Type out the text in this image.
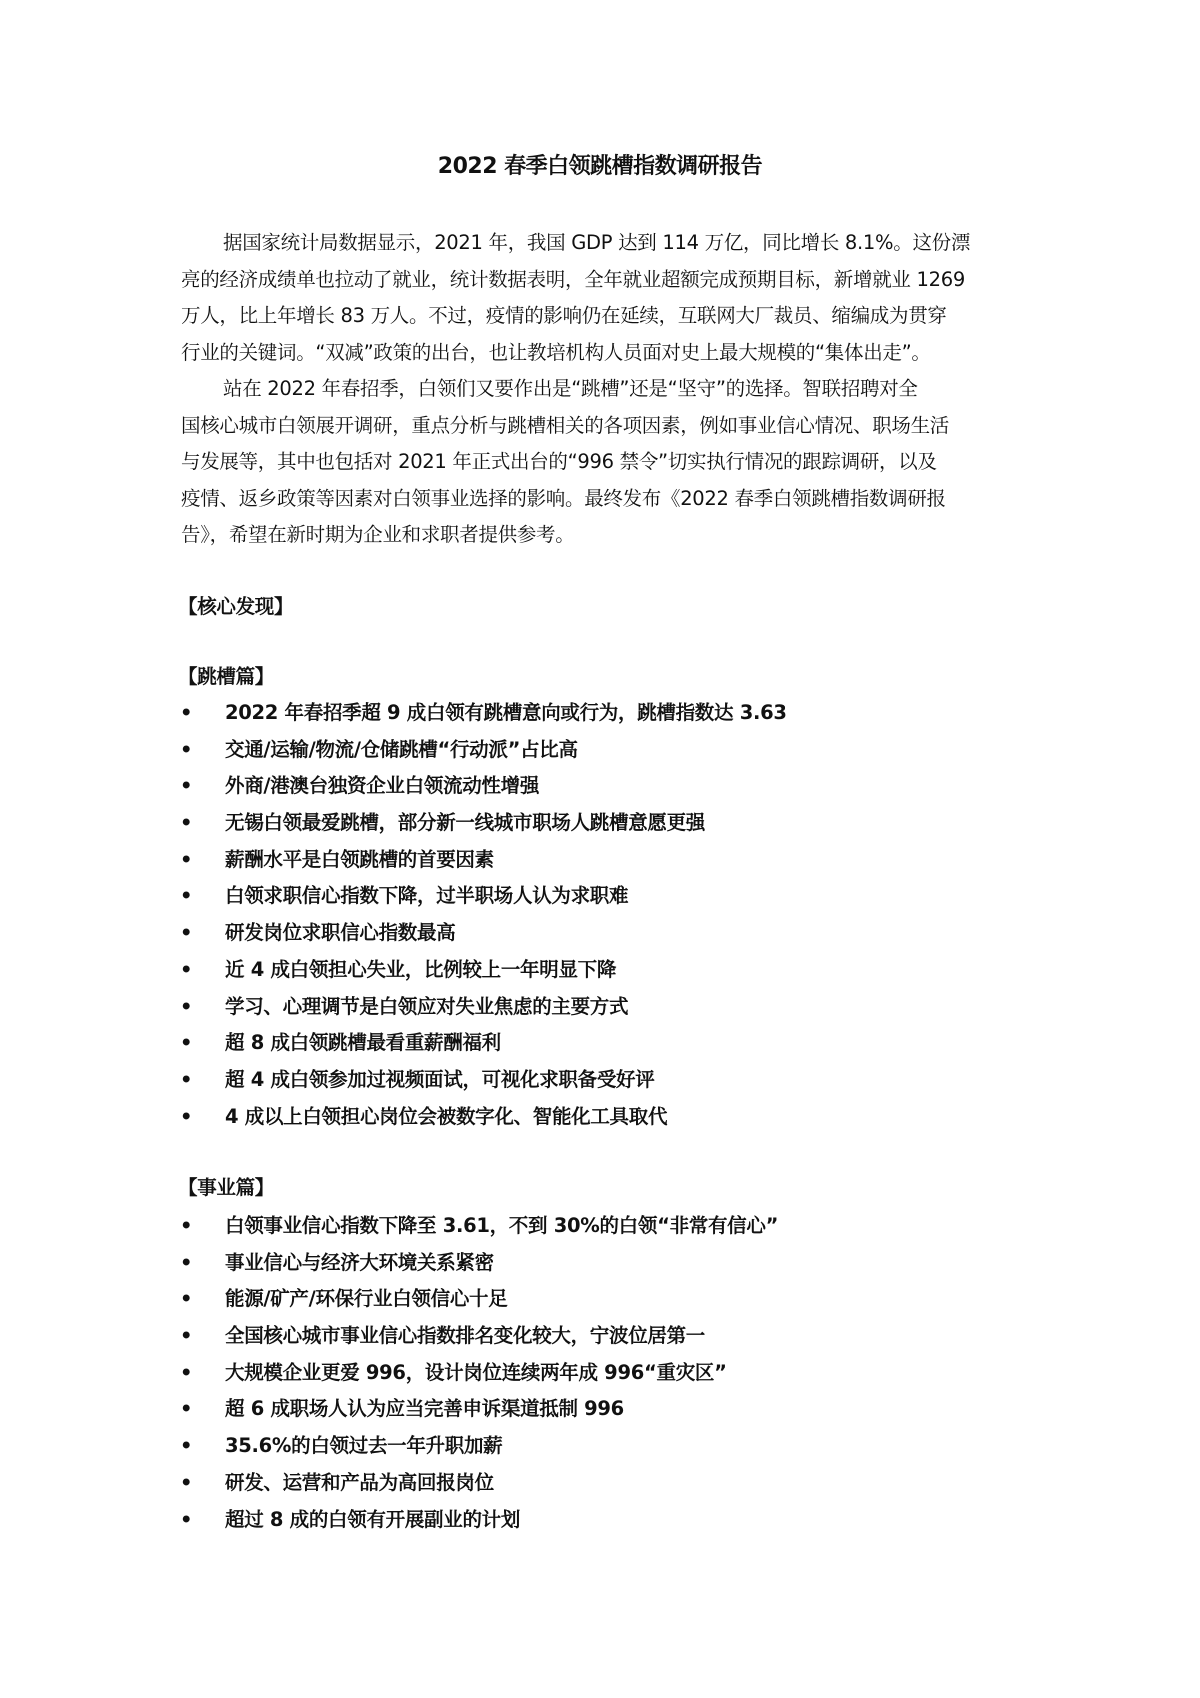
2022 春季白领跳槽指数调研报告
据国家统计局数据显示，2021 年，我国 GDP 达到 114 万亿，同比增长 8.1%。这份漂
亮的经济成绩单也拉动了就业，统计数据表明，全年就业超额完成预期目标，新增就业 1269
万人，比上年增长 83 万人。不过，疫情的影响仍在延续，互联网大厂裁员、缩编成为贯穿
行业的关键词。“双减”政策的出台，也让教培机构人员面对史上最大规模的“集体出走”。
站在 2022 年春招季，白领们又要作出是“跳槽”还是“坚守”的选择。智联招聘对全
国核心城市白领展开调研，重点分析与跳槽相关的各项因素，例如事业信心情况、职场生活
与发展等，其中也包括对 2021 年正式出台的“996 禁令”切实执行情况的跟踪调研，以及
疫情、返乡政策等因素对白领事业选择的影响。最终发布《2022 春季白领跳槽指数调研报
告》，希望在新时期为企业和求职者提供参考。
【核心发现】
【跳槽篇】
• 2022 年春招季超 9 成白领有跳槽意向或行为，跳槽指数达 3.63
• 交通/运输/物流/仓储跳槽“行动派”占比高
• 外商/港澳台独资企业白领流动性增强
• 无锡白领最爱跳槽，部分新一线城市职场人跳槽意愿更强
• 薪酬水平是白领跳槽的首要因素
• 白领求职信心指数下降，过半职场人认为求职难
• 研发岗位求职信心指数最高
• 近 4 成白领担心失业，比例较上一年明显下降
• 学习、心理调节是白领应对失业焦虑的主要方式
• 超 8 成白领跳槽最看重薪酬福利
• 超 4 成白领参加过视频面试，可视化求职备受好评
• 4 成以上白领担心岗位会被数字化、智能化工具取代
【事业篇】
• 白领事业信心指数下降至 3.61，不到 30%的白领“非常有信心”
• 事业信心与经济大环境关系紧密
• 能源/矿产/环保行业白领信心十足
• 全国核心城市事业信心指数排名变化较大，宁波位居第一
• 大规模企业更爱 996，设计岗位连续两年成 996“重灾区”
• 超 6 成职场人认为应当完善申诉渠道抵制 996
• 35.6%的白领过去一年升职加薪
• 研发、运营和产品为高回报岗位
• 超过 8 成的白领有开展副业的计划
